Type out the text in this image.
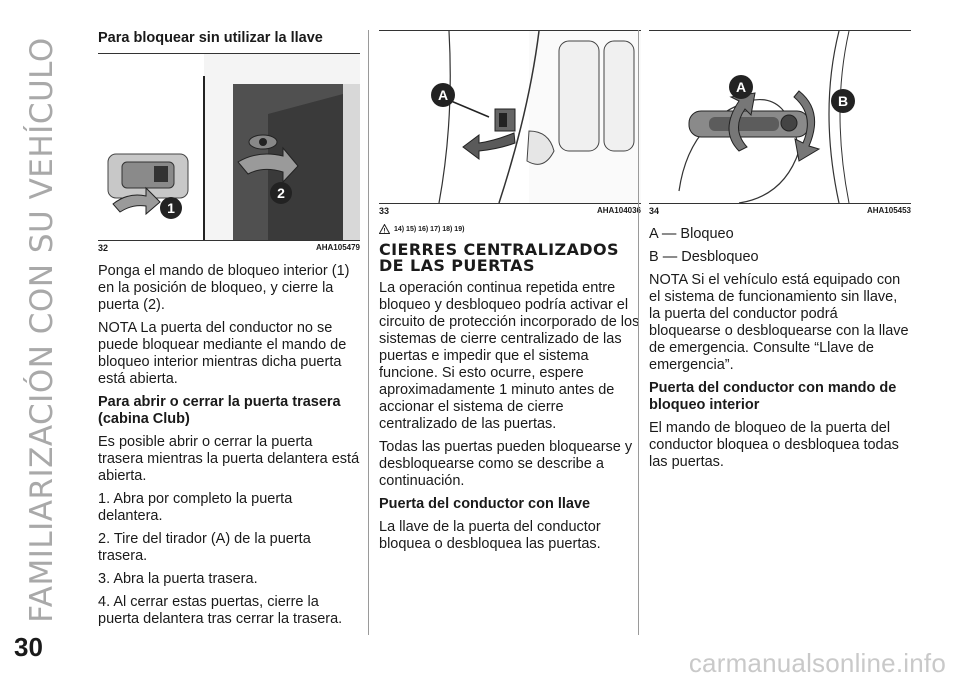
FAMILIARIZACIÓN CON SU VEHÍCULO	Para bloquear sin utilizar la llave
1
2
32	AHA105479

Ponga el mando de bloqueo interior (1) en la posición de bloqueo, y cierre la puerta (2).

NOTA La puerta del conductor no se puede bloquear mediante el mando de bloqueo interior mientras dicha puerta está abierta.

Para abrir o cerrar la puerta trasera (cabina Club)

Es posible abrir o cerrar la puerta trasera mientras la puerta delantera está abierta.

1. Abra por completo la puerta delantera.

2. Tire del tirador (A) de la puerta trasera.

3. Abra la puerta trasera.

4. Al cerrar estas puertas, cierre la puerta delantera tras cerrar la trasera.

A
33	AHA104036
! 14) 15) 16) 17) 18) 19)
CIERRES CENTRALIZADOS DE LAS PUERTAS

La operación continua repetida entre bloqueo y desbloqueo podría activar el circuito de protección incorporado de los sistemas de cierre centralizado de las puertas e impedir que el sistema funcione. Si esto ocurre, espere aproximadamente 1 minuto antes de accionar el sistema de cierre centralizado de las puertas.

Todas las puertas pueden bloquearse y desbloquearse como se describe a continuación.

Puerta del conductor con llave

La llave de la puerta del conductor bloquea o desbloquea las puertas.

A
B
34	AHA105453

A — Bloqueo

B — Desbloqueo

NOTA Si el vehículo está equipado con el sistema de funcionamiento sin llave, la puerta del conductor podrá bloquearse o desbloquearse con la llave de emergencia. Consulte “Llave de emergencia”.

Puerta del conductor con mando de bloqueo interior

El mando de bloqueo de la puerta del conductor bloquea o desbloquea todas las puertas.

30
carmanualsonline.info
